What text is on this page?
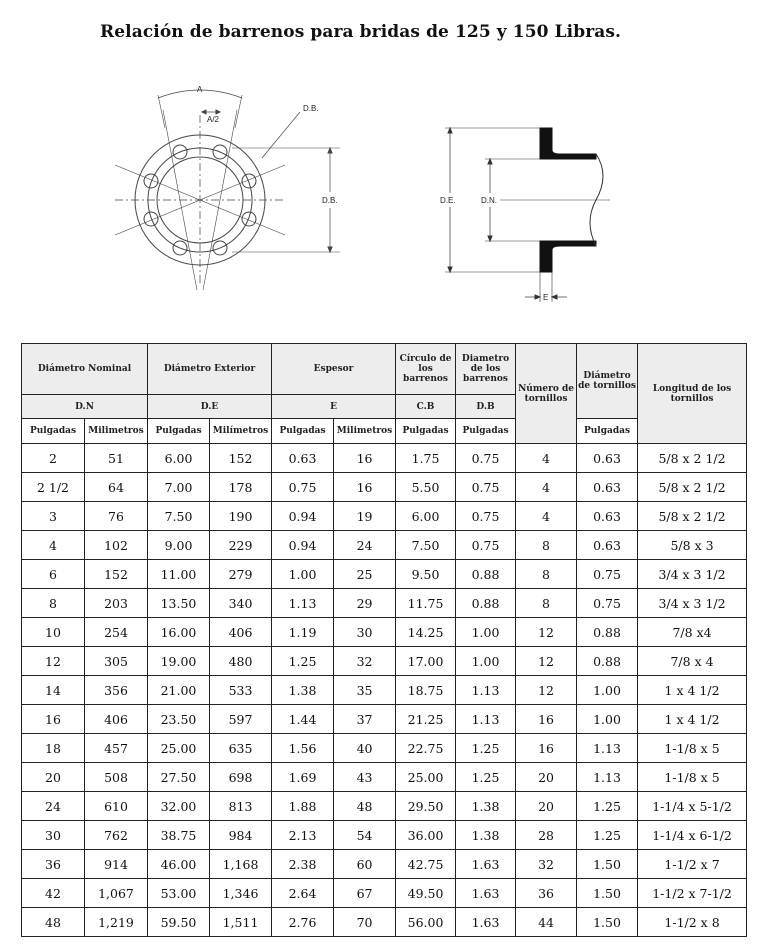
Relación de barrenos para bridas de 125 y 150 Libras.
A
A/2
D.B.
D.B.	D.E.	D.N.
E
Diámetro Nominal		Diámetro Exterior		Espesor		Círculo de los barrenos	Diametro de los barrenos	Número de tornillos	Diámetro de tornillos	Longitud de los tornillos
D.N		D.E		E		C.B	D.B			
Pulgadas	Milimetros	Pulgadas	Milímetros	Pulgadas	Milimetros	Pulgadas	Pulgadas		Pulgadas	
2	51	6.00	152	0.63	16	1.75	0.75	4	0.63	5/8 x 2 1/2
2 1/2	64	7.00	178	0.75	16	5.50	0.75	4	0.63	5/8 x 2 1/2
3	76	7.50	190	0.94	19	6.00	0.75	4	0.63	5/8 x 2 1/2
4	102	9.00	229	0.94	24	7.50	0.75	8	0.63	5/8 x 3
6	152	11.00	279	1.00	25	9.50	0.88	8	0.75	3/4 x 3 1/2
8	203	13.50	340	1.13	29	11.75	0.88	8	0.75	3/4 x 3 1/2
10	254	16.00	406	1.19	30	14.25	1.00	12	0.88	7/8 x4
12	305	19.00	480	1.25	32	17.00	1.00	12	0.88	7/8 x 4
14	356	21.00	533	1.38	35	18.75	1.13	12	1.00	1 x 4 1/2
16	406	23.50	597	1.44	37	21.25	1.13	16	1.00	1 x 4 1/2
18	457	25.00	635	1.56	40	22.75	1.25	16	1.13	1-1/8 x 5
20	508	27.50	698	1.69	43	25.00	1.25	20	1.13	1-1/8 x 5
24	610	32.00	813	1.88	48	29.50	1.38	20	1.25	1-1/4 x 5-1/2
30	762	38.75	984	2.13	54	36.00	1.38	28	1.25	1-1/4 x 6-1/2
36	914	46.00	1,168	2.38	60	42.75	1.63	32	1.50	1-1/2 x 7
42	1,067	53.00	1,346	2.64	67	49.50	1.63	36	1.50	1-1/2 x 7-1/2
48	1,219	59.50	1,511	2.76	70	56.00	1.63	44	1.50	1-1/2 x 8
